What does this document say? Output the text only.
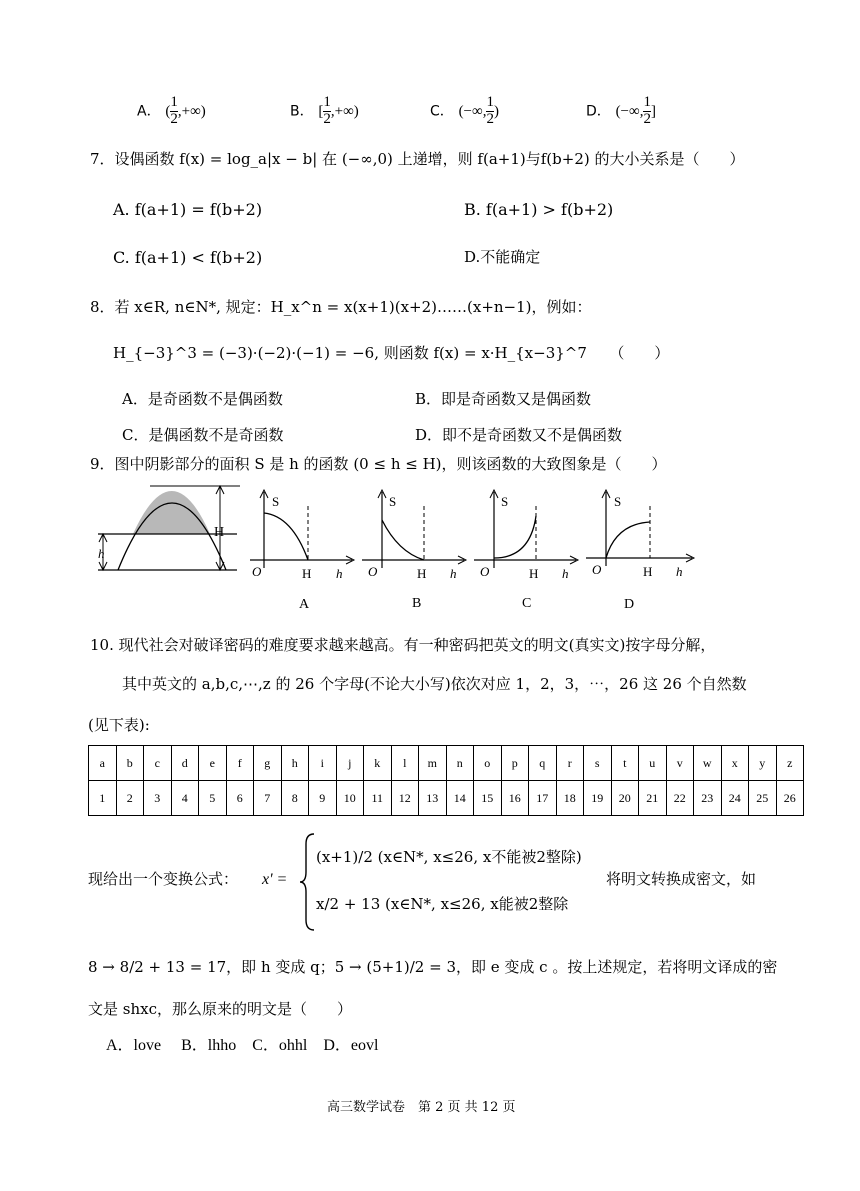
A． ( $\frac{1}{2}$ ,+∞)	B． [ $\frac{1}{2}$ ,+∞)	C． (−∞, $\frac{1}{2}$ )	D． (−∞, $\frac{1}{2}$ ]
7．设偶函数 f(x) = log_a|x − b| 在 (−∞,0) 上递增，则 f(a+1)与f(b+2) 的大小关系是（　　）
A. f(a+1) = f(b+2)	B. f(a+1) > f(b+2)
C. f(a+1) < f(b+2)	D.不能确定
8．若 x∈R, n∈N*, 规定：H_x^n = x(x+1)(x+2)……(x+n−1)，例如：
H_{−3}^3 = (−3)·(−2)·(−1) = −6, 则函数 f(x) = x·H_{x−3}^7　　（　　）
A．是奇函数不是偶函数	B．即是奇函数又是偶函数
C．是偶函数不是奇函数	D．即不是奇函数又不是偶函数
9．图中阴影部分的面积 S 是 h 的函数 (0 ≤ h ≤ H)，则该函数的大致图象是（　　）
H
h
S
O	H h
S
O	H h
S
O	H h
S
O	H h
A	B	C	D
10. 现代社会对破译密码的难度要求越来越高。有一种密码把英文的明文(真实文)按字母分解，
其中英文的 a,b,c,⋯,z 的 26 个字母(不论大小写)依次对应 1，2，3，⋯，26 这 26 个自然数
(见下表):
a	b	c	d	e	f	g	h	i	j	k	l	m	n	o	p	q	r	s	t	u	v	w	x	y	z
1	2	3	4	5	6	7	8	9	10	11	12	13	14	15	16	17	18	19	20	21	22	23	24	25	26
现给出一个变换公式： x' =
(x+1)/2 (x∈N*, x≤26, x不能被2整除)
x/2 + 13 (x∈N*, x≤26, x能被2整除
将明文转换成密文，如
8 → 8/2 + 13 = 17，即 h 变成 q；5 → (5+1)/2 = 3，即 e 变成 c 。按上述规定，若将明文译成的密
文是 shxc，那么原来的明文是（　　）
A．love B．lhho C．ohhl D．eovl
高三数学试卷　第 2 页 共 12 页
